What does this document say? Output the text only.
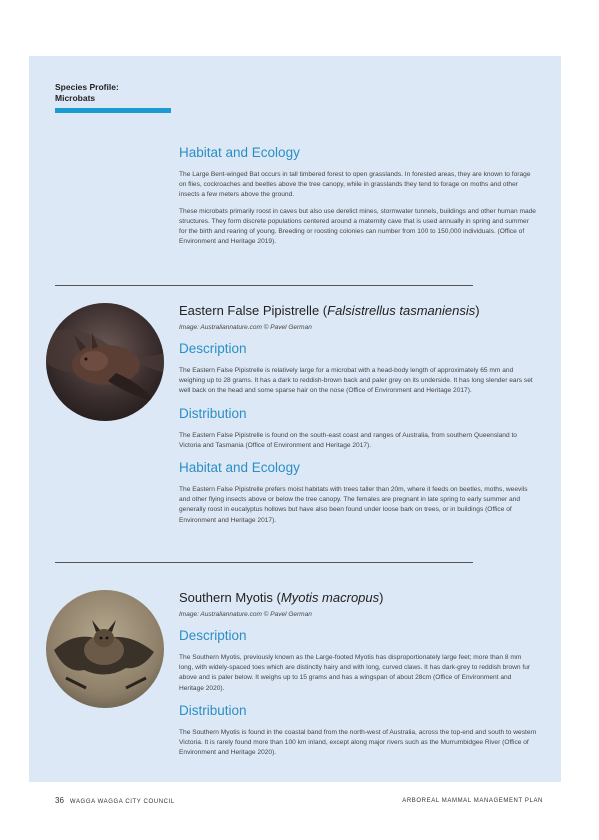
Species Profile:
Microbats
Habitat and Ecology

The Large Bent-winged Bat occurs in tall timbered forest to open grasslands. In forested areas, they are known to forage on flies, cockroaches and beetles above the tree canopy, while in grasslands they tend to forage on moths and other insects a few meters above the ground.

These microbats primarily roost in caves but also use derelict mines, stormwater tunnels, buildings and other human made structures. They form discrete populations centered around a maternity cave that is used annually in spring and summer for the birth and rearing of young. Breeding or roosting colonies can number from 100 to 150,000 individuals. (Office of Environment and Heritage 2019).

Eastern False Pipistrelle (Falsistrellus tasmaniensis)

Image: Australiannature.com © Pavel German

Description

The Eastern False Pipistrelle is relatively large for a microbat with a head-body length of approximately 65 mm and weighing up to 28 grams. It has a dark to reddish-brown back and paler grey on its underside. It has long slender ears set well back on the head and some sparse hair on the nose (Office of Environment and Heritage 2017).

Distribution

The Eastern False Pipistrelle is found on the south-east coast and ranges of Australia, from southern Queensland to Victoria and Tasmania (Office of Environment and Heritage 2017).

Habitat and Ecology

The Eastern False Pipistrelle prefers moist habitats with trees taller than 20m, where it feeds on beetles, moths, weevils and other flying insects above or below the tree canopy. The females are pregnant in late spring to early summer and generally roost in eucalyptus hollows but have also been found under loose bark on trees, or in buildings (Office of Environment and Heritage 2017).

Southern Myotis (Myotis macropus)

Image: Australiannature.com © Pavel German

Description

The Southern Myotis, previously known as the Large-footed Myotis has disproportionately large feet; more than 8 mm long, with widely-spaced toes which are distinctly hairy and with long, curved claws. It has dark-grey to reddish brown fur above and is paler below. It weighs up to 15 grams and has a wingspan of about 28cm (Office of Environment and Heritage 2020).

Distribution

The Southern Myotis is found in the coastal band from the north-west of Australia, across the top-end and south to western Victoria. It is rarely found more than 100 km inland, except along major rivers such as the Murrumbidgee River (Office of Environment and Heritage 2020).

36 WAGGA WAGGA CITY COUNCIL	ARBOREAL MAMMAL MANAGEMENT PLAN
